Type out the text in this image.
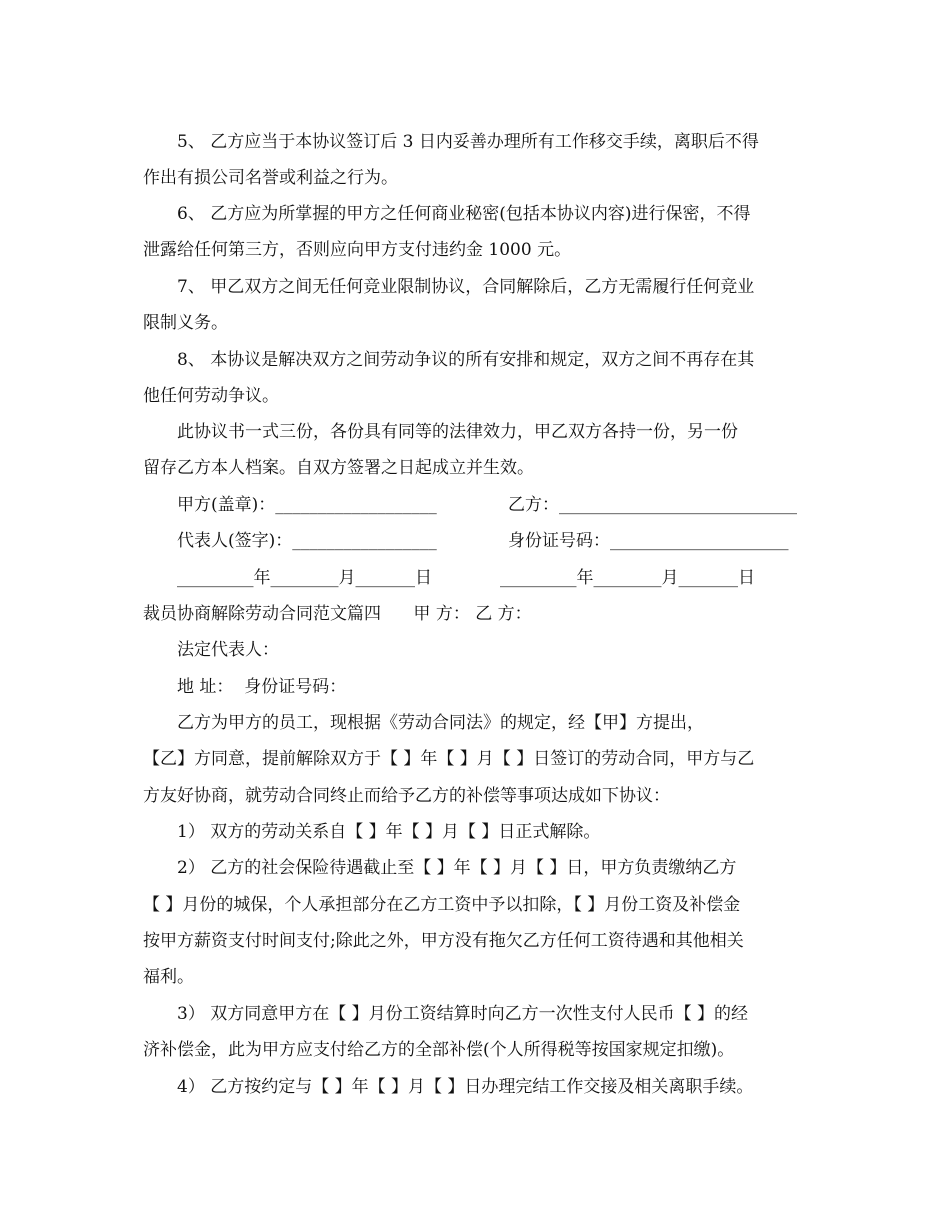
5、 乙方应当于本协议签订后 3 日内妥善办理所有工作移交手续，离职后不得
作出有损公司名誉或利益之行为。
6、 乙方应为所掌握的甲方之任何商业秘密(包括本协议内容)进行保密，不得
泄露给任何第三方，否则应向甲方支付违约金 1000 元。
7、 甲乙双方之间无任何竞业限制协议，合同解除后，乙方无需履行任何竞业
限制义务。
8、 本协议是解决双方之间劳动争议的所有安排和规定，双方之间不再存在其
他任何劳动争议。
此协议书一式三份，各份具有同等的法律效力，甲乙双方各持一份，另一份
留存乙方本人档案。自双方签署之日起成立并生效。
甲方(盖章)：___________________	乙方：____________________________
代表人(签字)：_________________	身份证号码：_____________________
_________年________月_______日	_________年________月_______日
裁员协商解除劳动合同范文篇四      甲 方： 乙 方：
法定代表人：
地 址：  身份证号码：
乙方为甲方的员工，现根据《劳动合同法》的规定，经【甲】方提出，
【乙】方同意，提前解除双方于【 】年【 】月【 】日签订的劳动合同，甲方与乙
方友好协商，就劳动合同终止而给予乙方的补偿等事项达成如下协议：
1） 双方的劳动关系自【 】年【 】月【 】日正式解除。
2） 乙方的社会保险待遇截止至【 】年【 】月【 】日，甲方负责缴纳乙方
【 】月份的城保，个人承担部分在乙方工资中予以扣除，【 】月份工资及补偿金
按甲方薪资支付时间支付;除此之外，甲方没有拖欠乙方任何工资待遇和其他相关
福利。
3） 双方同意甲方在【 】月份工资结算时向乙方一次性支付人民币【 】的经
济补偿金，此为甲方应支付给乙方的全部补偿(个人所得税等按国家规定扣缴)。
4） 乙方按约定与【 】年【 】月【 】日办理完结工作交接及相关离职手续。
